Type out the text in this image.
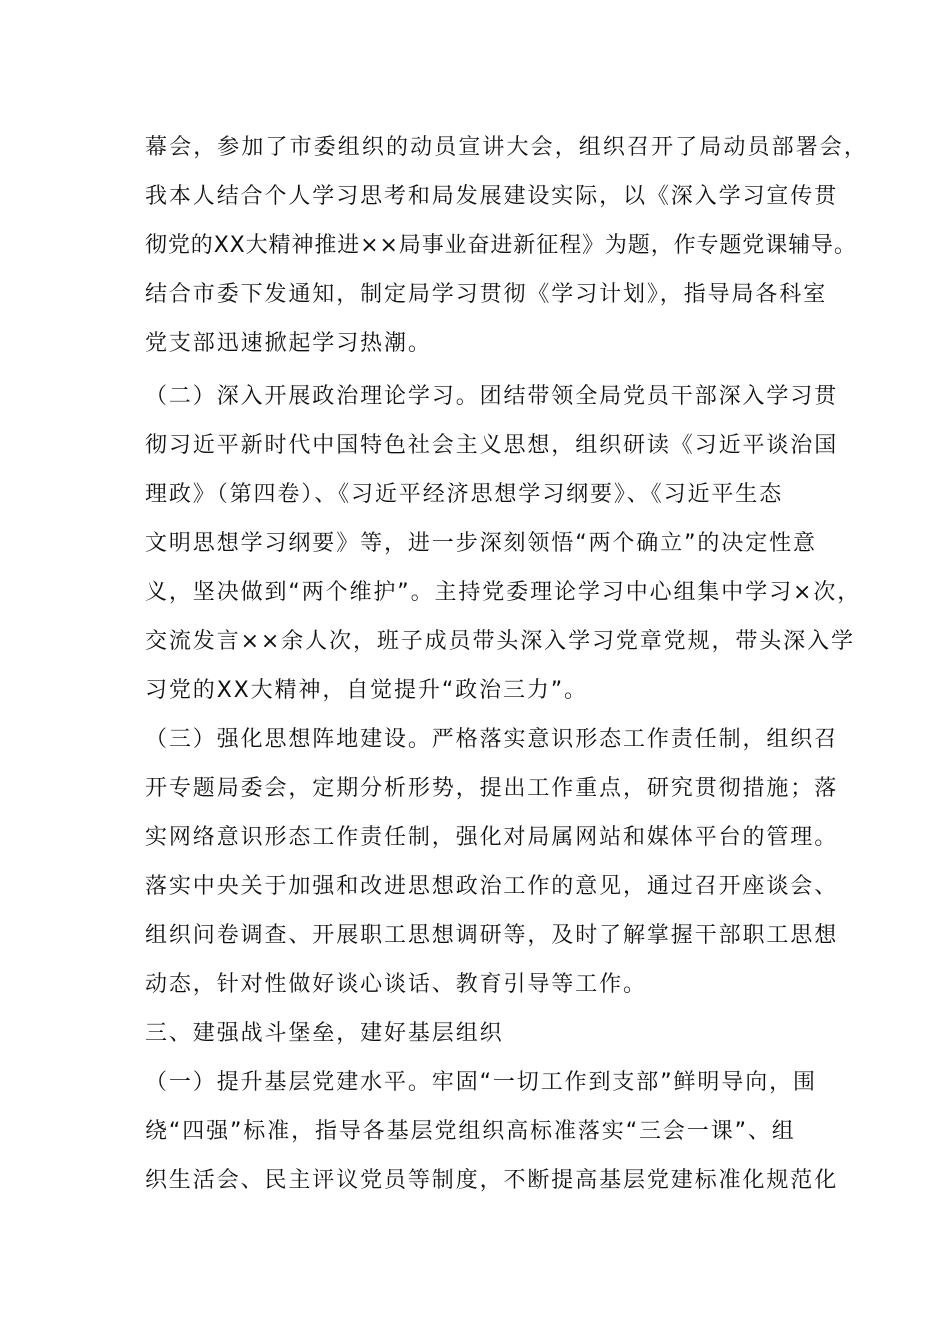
幕会，参加了市委组织的动员宣讲大会，组织召开了局动员部署会，
我本人结合个人学习思考和局发展建设实际，以《深入学习宣传贯
彻党的XX大精神推进××局事业奋进新征程》为题，作专题党课辅导。
结合市委下发通知，制定局学习贯彻《学习计划》，指导局各科室
党支部迅速掀起学习热潮。
（二）深入开展政治理论学习。团结带领全局党员干部深入学习贯
彻习近平新时代中国特色社会主义思想，组织研读《习近平谈治国
理政》（第四卷）、《习近平经济思想学习纲要》、《习近平生态
文明思想学习纲要》等，进一步深刻领悟“两个确立”的决定性意
义，坚决做到“两个维护”。主持党委理论学习中心组集中学习×次，
交流发言××余人次，班子成员带头深入学习党章党规，带头深入学
习党的XX大精神，自觉提升“政治三力”。
（三）强化思想阵地建设。严格落实意识形态工作责任制，组织召
开专题局委会，定期分析形势，提出工作重点，研究贯彻措施；落
实网络意识形态工作责任制，强化对局属网站和媒体平台的管理。
落实中央关于加强和改进思想政治工作的意见，通过召开座谈会、
组织问卷调查、开展职工思想调研等，及时了解掌握干部职工思想
动态，针对性做好谈心谈话、教育引导等工作。
三、建强战斗堡垒，建好基层组织
（一）提升基层党建水平。牢固“一切工作到支部”鲜明导向，围
绕“四强”标准，指导各基层党组织高标准落实“三会一课”、组
织生活会、民主评议党员等制度，不断提高基层党建标准化规范化
